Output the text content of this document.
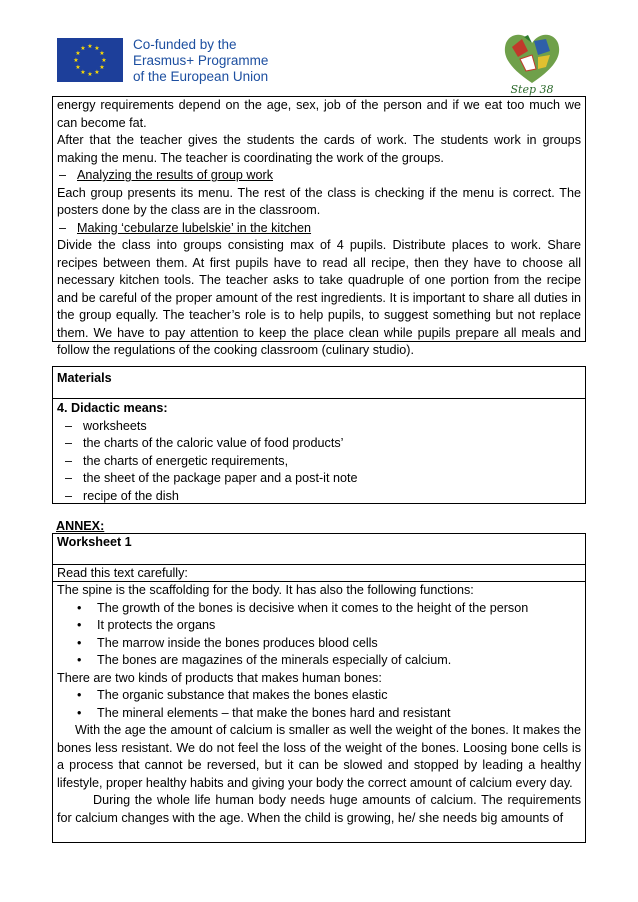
★ ★
★
★
★
★
★
★
★
★
★
★	Co-funded by the
Erasmus+ Programme
of the European Union
Step 38

energy requirements depend on the age, sex, job of the person and if we eat too much we can become fat.

After that the teacher gives the students the cards of work. The students work in groups making the menu. The teacher is coordinating the work of the groups.

– Analyzing the results of group work

Each group presents its menu. The rest of the class is checking if the menu is correct. The posters done by the class are in the classroom.

– Making ‘cebularze lubelskie’ in the kitchen

Divide the class into groups consisting max of 4 pupils. Distribute places to work. Share recipes between them. At first pupils have to read all recipe, then they have to choose all necessary kitchen tools. The teacher asks to take quadruple of one portion from the recipe and be careful of the proper amount of the rest ingredients. It is important to share all duties in the group equally. The teacher’s role is to help pupils, to suggest something but not replace them. We have to pay attention to keep the place clean while pupils prepare all meals and follow the regulations of the cooking classroom (culinary studio).

Materials
4. Didactic means:
– worksheets
– the charts of the caloric value of food products’
– the charts of energetic requirements,
– the sheet of the package paper and a post-it note
– recipe of the dish
ANNEX:
Worksheet 1
Read this text carefully:
The spine is the scaffolding for the body. It has also the following functions:
•	The growth of the bones is decisive when it comes to the height of the person
•	It protects the organs
•	The marrow inside the bones produces blood cells
•	The bones are magazines of the minerals especially of calcium.
There are two kinds of products that makes human bones:
•	The organic substance that makes the bones elastic
•	The mineral elements – that make the bones hard and resistant

With the age the amount of calcium is smaller as well the weight of the bones. It makes the bones less resistant. We do not feel the loss of the weight of the bones. Loosing bone cells is a process that cannot be reversed, but it can be slowed and stopped by leading a healthy lifestyle, proper healthy habits and giving your body the correct amount of calcium every day.

During the whole life human body needs huge amounts of calcium. The requirements for calcium changes with the age. When the child is growing, he/ she needs big amounts of
